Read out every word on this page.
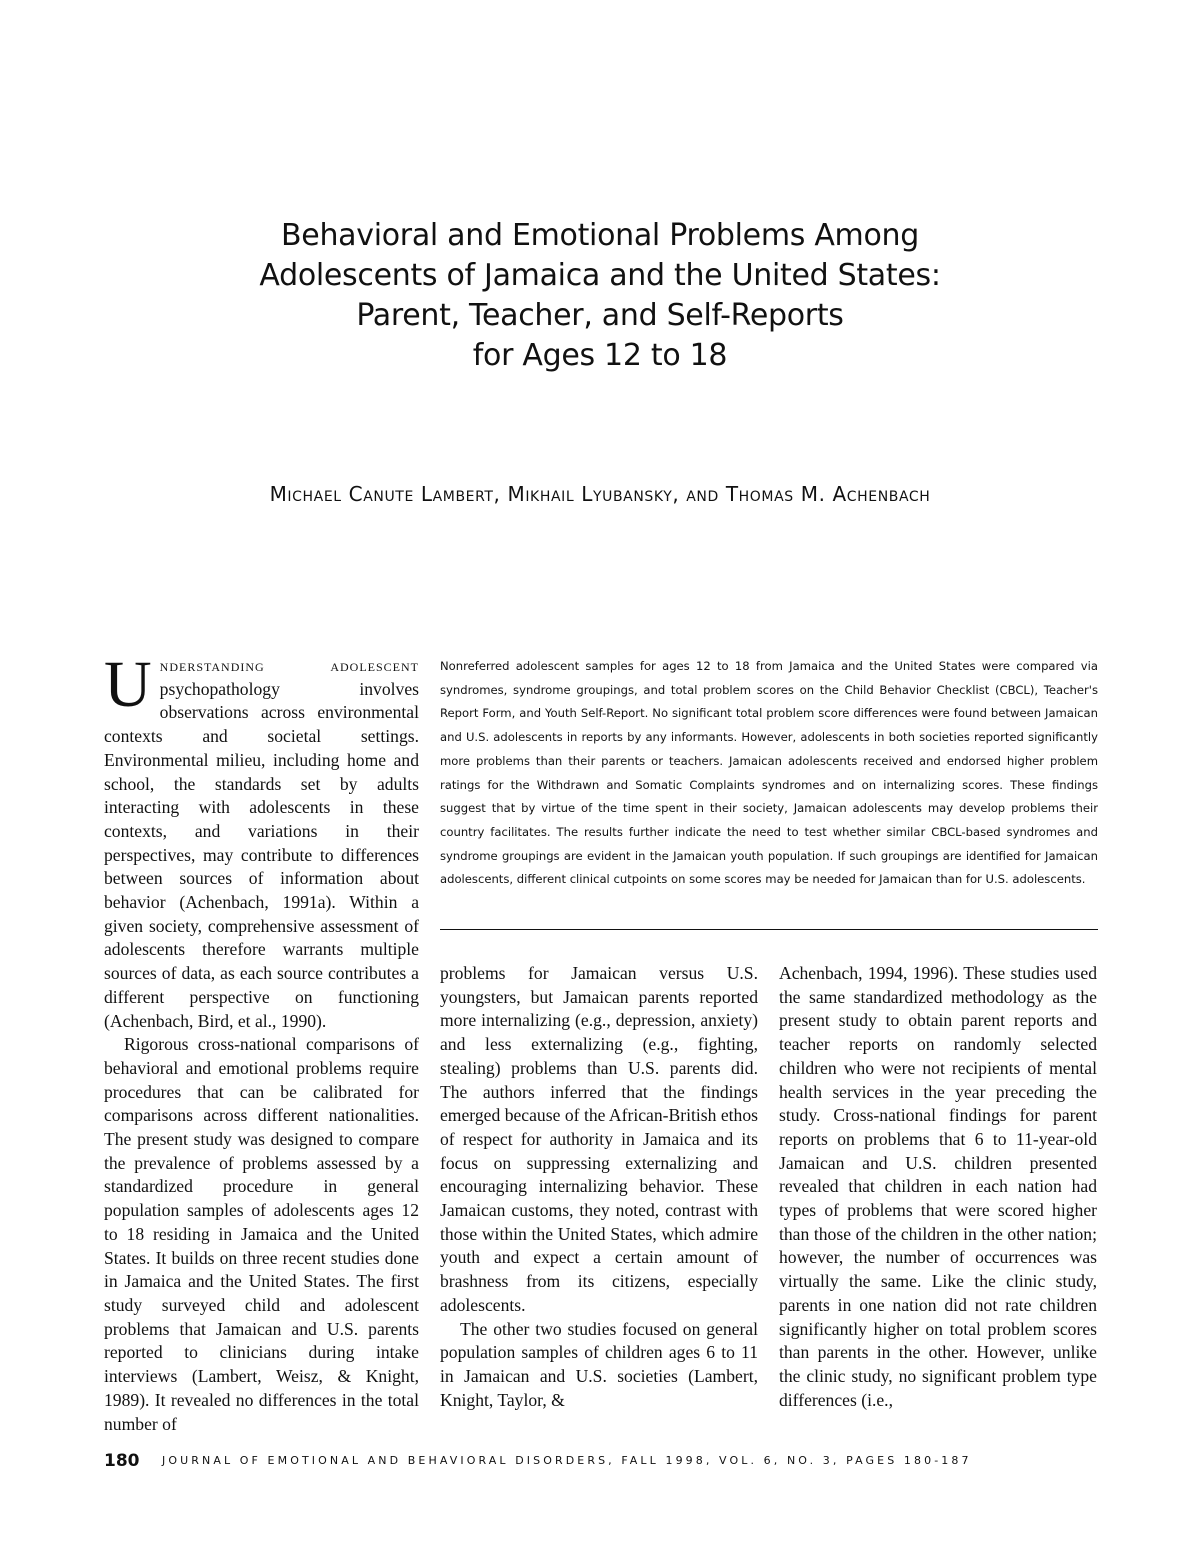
Behavioral and Emotional Problems Among
Adolescents of Jamaica and the United States:
Parent, Teacher, and Self-Reports
for Ages 12 to 18
Michael Canute Lambert, Mikhail Lyubansky, and Thomas M. Achenbach

Understanding adolescent psychopathology involves observations across environmental contexts and societal settings. Environmental milieu, including home and school, the standards set by adults interacting with adolescents in these contexts, and variations in their perspectives, may contribute to differences between sources of information about behavior (Achenbach, 1991a). Within a given society, comprehensive assessment of adolescents therefore warrants multiple sources of data, as each source contributes a different perspective on functioning (Achenbach, Bird, et al., 1990).

Rigorous cross-national comparisons of behavioral and emotional problems require procedures that can be calibrated for comparisons across different nationalities. The present study was designed to compare the prevalence of problems assessed by a standardized procedure in general population samples of adolescents ages 12 to 18 residing in Jamaica and the United States. It builds on three recent studies done in Jamaica and the United States. The first study surveyed child and adolescent problems that Jamaican and U.S. parents reported to clinicians during intake interviews (Lambert, Weisz, & Knight, 1989). It revealed no differences in the total number of

Nonreferred adolescent samples for ages 12 to 18 from Jamaica and the United States were compared via syndromes, syndrome groupings, and total problem scores on the Child Behavior Checklist (CBCL), Teacher's Report Form, and Youth Self-Report. No significant total problem score differences were found between Jamaican and U.S. adolescents in reports by any informants. However, adolescents in both societies reported significantly more problems than their parents or teachers. Jamaican adolescents received and endorsed higher problem ratings for the Withdrawn and Somatic Complaints syndromes and on internalizing scores. These findings suggest that by virtue of the time spent in their society, Jamaican adolescents may develop problems their country facilitates. The results further indicate the need to test whether similar CBCL-based syndromes and syndrome groupings are evident in the Jamaican youth population. If such groupings are identified for Jamaican adolescents, different clinical cutpoints on some scores may be needed for Jamaican than for U.S. adolescents.

problems for Jamaican versus U.S. youngsters, but Jamaican parents reported more internalizing (e.g., depression, anxiety) and less externalizing (e.g., fighting, stealing) problems than U.S. parents did. The authors inferred that the findings emerged because of the African-British ethos of respect for authority in Jamaica and its focus on suppressing externalizing and encouraging internalizing behavior. These Jamaican customs, they noted, contrast with those within the United States, which admire youth and expect a certain amount of brashness from its citizens, especially adolescents.

The other two studies focused on general population samples of children ages 6 to 11 in Jamaican and U.S. societies (Lambert, Knight, Taylor, &

Achenbach, 1994, 1996). These studies used the same standardized methodology as the present study to obtain parent reports and teacher reports on randomly selected children who were not recipients of mental health services in the year preceding the study. Cross-national findings for parent reports on problems that 6 to 11-year-old Jamaican and U.S. children presented revealed that children in each nation had types of problems that were scored higher than those of the children in the other nation; however, the number of occurrences was virtually the same. Like the clinic study, parents in one nation did not rate children significantly higher on total problem scores than parents in the other. However, unlike the clinic study, no significant problem type differences (i.e.,

180 JOURNAL OF EMOTIONAL AND BEHAVIORAL DISORDERS, FALL 1998, VOL. 6, NO. 3, PAGES 180-187
